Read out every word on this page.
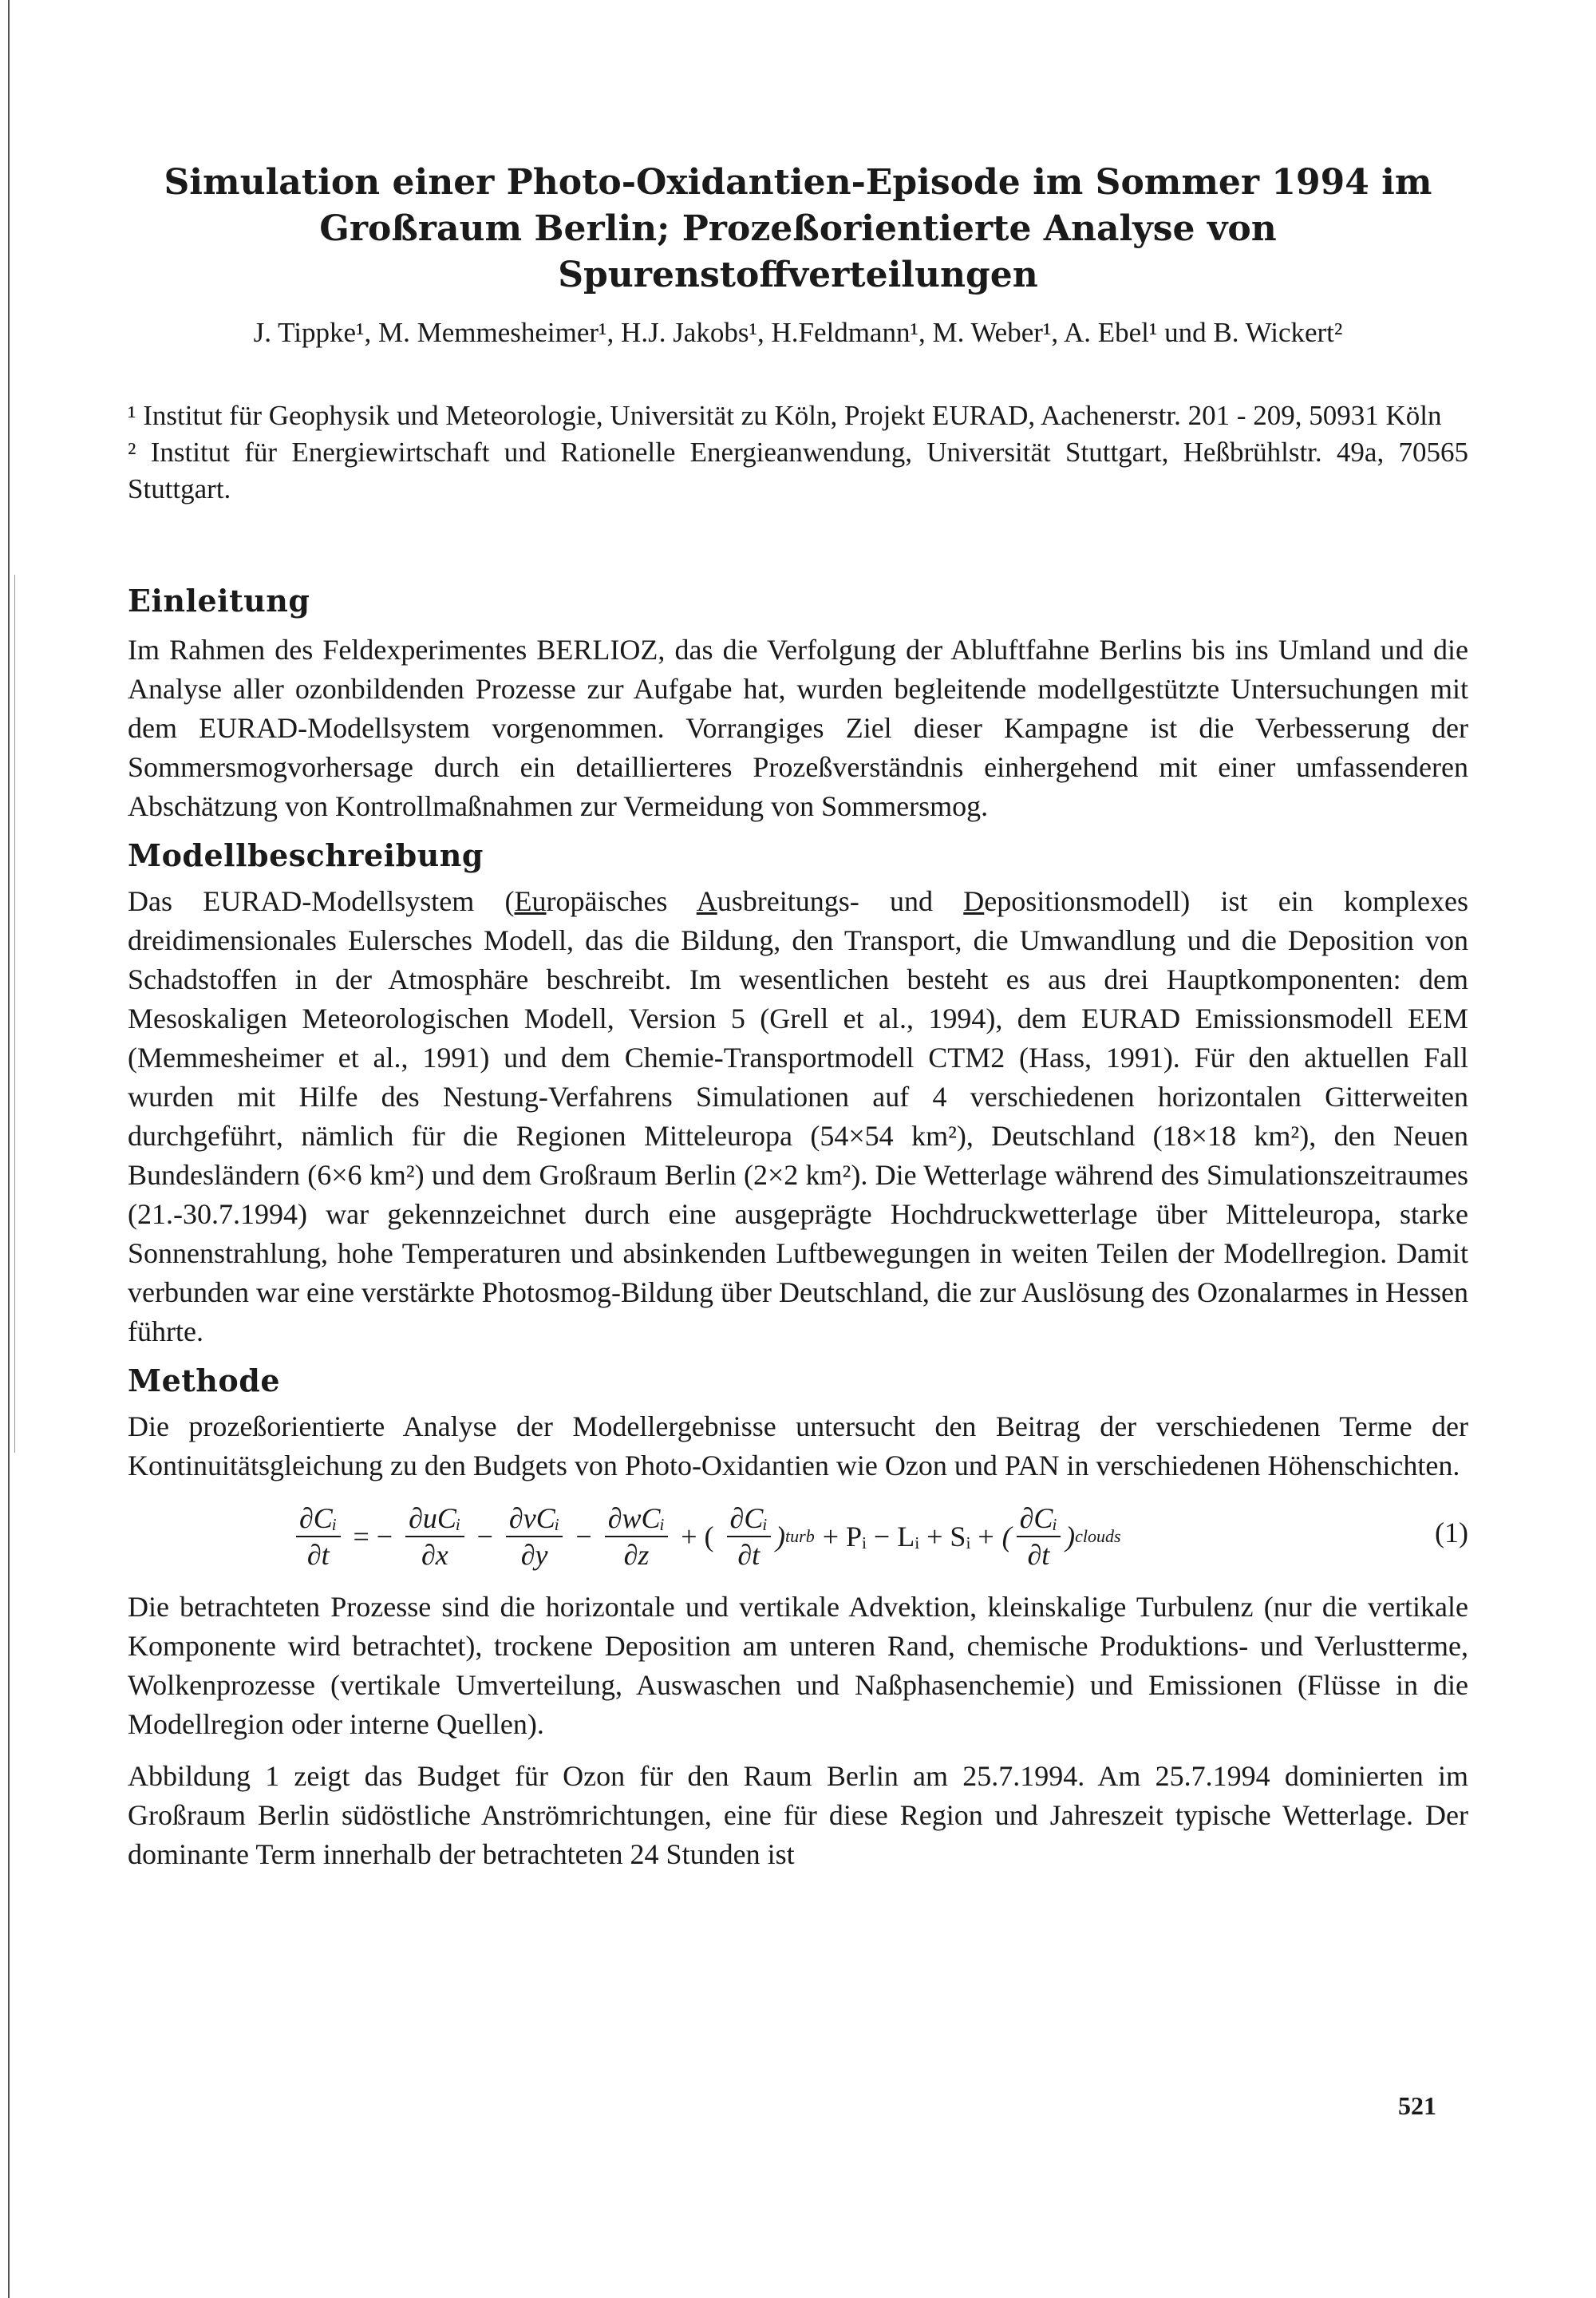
Simulation einer Photo-Oxidantien-Episode im Sommer 1994 im Großraum Berlin; Prozeßorientierte Analyse von Spurenstoffverteilungen
J. Tippke¹, M. Memmesheimer¹, H.J. Jakobs¹, H.Feldmann¹, M. Weber¹, A. Ebel¹ und B. Wickert²

¹ Institut für Geophysik und Meteorologie, Universität zu Köln, Projekt EURAD, Aachenerstr. 201 - 209, 50931 Köln

² Institut für Energiewirtschaft und Rationelle Energieanwendung, Universität Stuttgart, Heßbrühlstr. 49a, 70565 Stuttgart.

Einleitung

Im Rahmen des Feldexperimentes BERLIOZ, das die Verfolgung der Abluftfahne Berlins bis ins Umland und die Analyse aller ozonbildenden Prozesse zur Aufgabe hat, wurden begleitende modellgestützte Untersuchungen mit dem EURAD-Modellsystem vorgenommen. Vorrangiges Ziel dieser Kampagne ist die Verbesserung der Sommersmogvorhersage durch ein detaillierteres Prozeßverständnis einhergehend mit einer umfassenderen Abschätzung von Kontrollmaßnahmen zur Vermeidung von Sommersmog.

Modellbeschreibung

Das EURAD-Modellsystem (Europäisches Ausbreitungs- und Depositionsmodell) ist ein komplexes dreidimensionales Eulersches Modell, das die Bildung, den Transport, die Umwandlung und die Deposition von Schadstoffen in der Atmosphäre beschreibt. Im wesentlichen besteht es aus drei Hauptkomponenten: dem Mesoskaligen Meteorologischen Modell, Version 5 (Grell et al., 1994), dem EURAD Emissionsmodell EEM (Memmesheimer et al., 1991) und dem Chemie-Transportmodell CTM2 (Hass, 1991). Für den aktuellen Fall wurden mit Hilfe des Nestung-Verfahrens Simulationen auf 4 verschiedenen horizontalen Gitterweiten durchgeführt, nämlich für die Regionen Mitteleuropa (54×54 km²), Deutschland (18×18 km²), den Neuen Bundesländern (6×6 km²) und dem Großraum Berlin (2×2 km²). Die Wetterlage während des Simulationszeitraumes (21.-30.7.1994) war gekennzeichnet durch eine ausgeprägte Hochdruckwetterlage über Mitteleuropa, starke Sonnenstrahlung, hohe Temperaturen und absinkenden Luftbewegungen in weiten Teilen der Modellregion. Damit verbunden war eine verstärkte Photosmog-Bildung über Deutschland, die zur Auslösung des Ozonalarmes in Hessen führte.

Methode

Die prozeßorientierte Analyse der Modellergebnisse untersucht den Beitrag der verschiedenen Terme der Kontinuitätsgleichung zu den Budgets von Photo-Oxidantien wie Ozon und PAN in verschiedenen Höhenschichten.

$\frac{\text{∂Cᵢ}}{\partial t}$ = − $\frac{\text{∂uCᵢ}}{\partial x} - \frac{\text{∂vCᵢ}}{\partial y} - \frac{\text{∂wCᵢ}}{\partial z}$ + ( $\frac{\text{∂Cᵢ}}{\partial t}$ ) turb + Pᵢ − Lᵢ + Sᵢ + ( $\frac{\text{∂Cᵢ}}{\partial t}$ ) clouds	(1)

Die betrachteten Prozesse sind die horizontale und vertikale Advektion, kleinskalige Turbulenz (nur die vertikale Komponente wird betrachtet), trockene Deposition am unteren Rand, chemische Produktions- und Verlustterme, Wolkenprozesse (vertikale Umverteilung, Auswaschen und Naßphasenchemie) und Emissionen (Flüsse in die Modellregion oder interne Quellen).

Abbildung 1 zeigt das Budget für Ozon für den Raum Berlin am 25.7.1994. Am 25.7.1994 dominierten im Großraum Berlin südöstliche Anströmrichtungen, eine für diese Region und Jahreszeit typische Wetterlage. Der dominante Term innerhalb der betrachteten 24 Stunden ist

521
